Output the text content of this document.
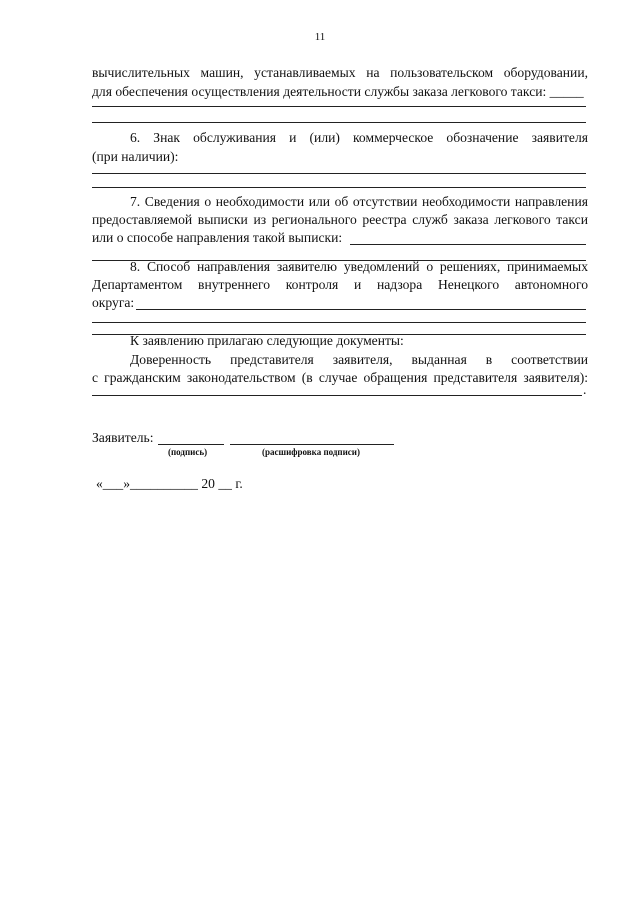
11
вычислительных машин, устанавливаемых на пользовательском оборудовании,
для обеспечения осуществления деятельности службы заказа легкового такси: _____
6. Знак обслуживания и (или) коммерческое обозначение заявителя
(при наличии):
7. Сведения о необходимости или об отсутствии необходимости направления
предоставляемой выписки из регионального реестра служб заказа легкового такси
или о способе направления такой выписки:
8. Способ направления заявителю уведомлений о решениях, принимаемых
Департаментом внутреннего контроля и надзора Ненецкого автономного
округа:
К заявлению прилагаю следующие документы:
Доверенность представителя заявителя, выданная в соответствии
с гражданским законодательством (в случае обращения представителя заявителя):
.
Заявитель:
(подпись)	(расшифровка подписи)
«___»__________ 20 __ г.
